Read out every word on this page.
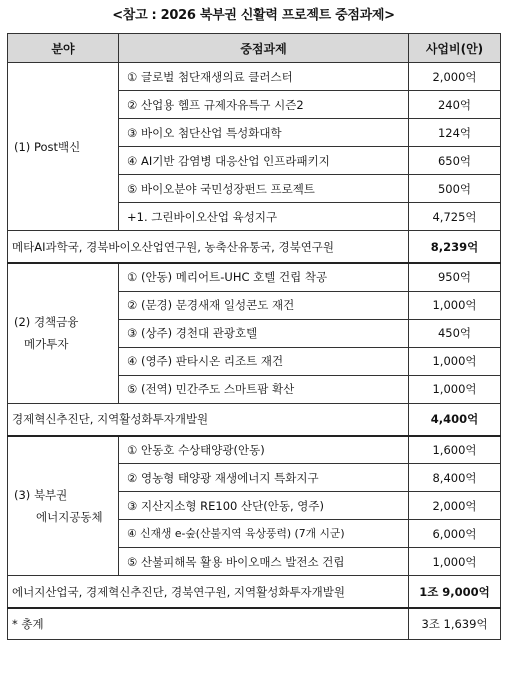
<참고 : 2026 북부권 신활력 프로젝트 중점과제>
분야	중점과제	사업비(안)
(1) Post백신	① 글로벌 첨단재생의료 클러스터	2,000억
	② 산업용 헴프 규제자유특구 시즌2	240억
	③ 바이오 첨단산업 특성화대학	124억
	④ AI기반 감염병 대응산업 인프라패키지	650억
	⑤ 바이오분야 국민성장펀드 프로젝트	500억
	+1. 그린바이오산업 육성지구	4,725억
메타AI과학국, 경북바이오산업연구원, 농축산유통국, 경북연구원		8,239억

(2) 경책금융
메가투자	① (안동) 메리어트-UHC 호텔 건립 착공	950억
	② (문경) 문경새재 일성콘도 재건	1,000억
	③ (상주) 경천대 관광호텔	450억
	④ (영주) 판타시온 리조트 재건	1,000억
	⑤ (전역) 민간주도 스마트팜 확산	1,000억
경제혁신추진단, 지역활성화투자개발원		4,400억

(3) 북부권
에너지공동체	① 안동호 수상태양광(안동)	1,600억
	② 영농형 태양광 재생에너지 특화지구	8,400억
	③ 지산지소형 RE100 산단(안동, 영주)	2,000억
	④ 신재생 e-숲(산불지역 육상풍력) (7개 시군)	6,000억
	⑤ 산불피해목 활용 바이오매스 발전소 건립	1,000억
에너지산업국, 경제혁신추진단, 경북연구원, 지역활성화투자개발원		1조 9,000억
* 총계		3조 1,639억
